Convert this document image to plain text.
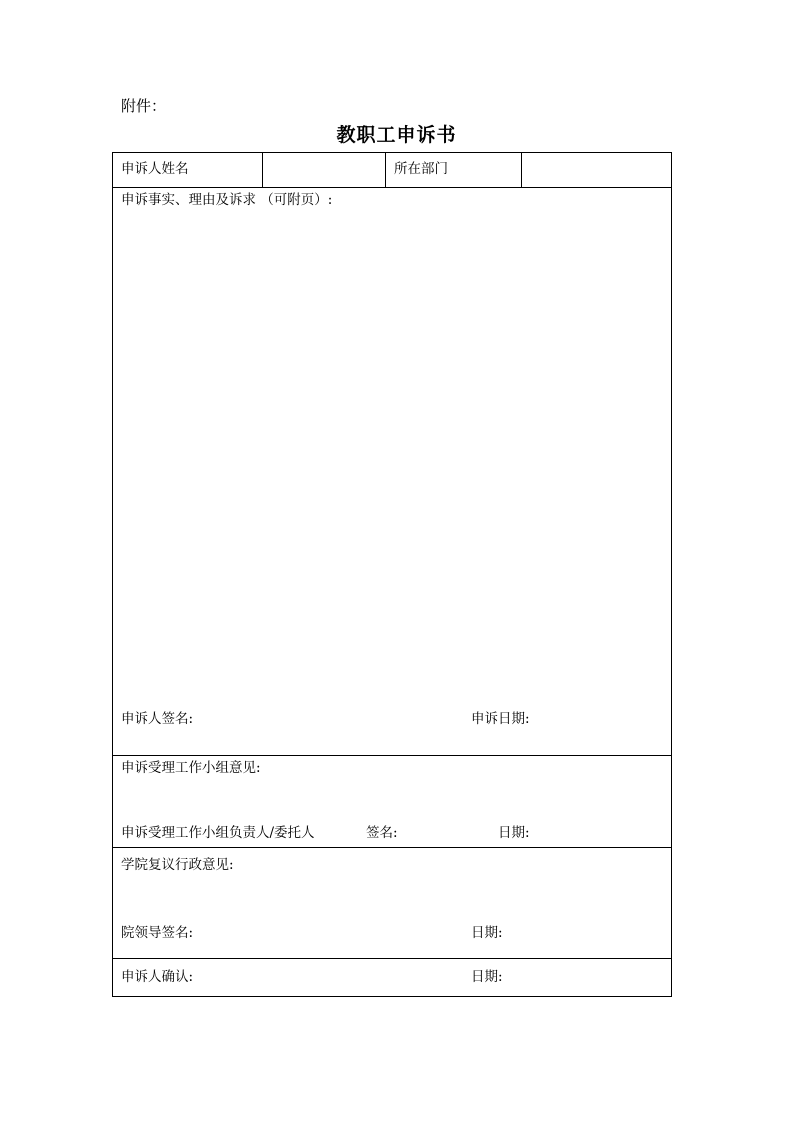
附件：
教职工申诉书
申诉人姓名	所在部门
申诉事实、理由及诉求 （可附页）:
申诉人签名:	申诉日期:
申诉受理工作小组意见:
申诉受理工作小组负责人/委托人	签名:	日期:
学院复议行政意见:
院领导签名:	日期:
申诉人确认:	日期:
